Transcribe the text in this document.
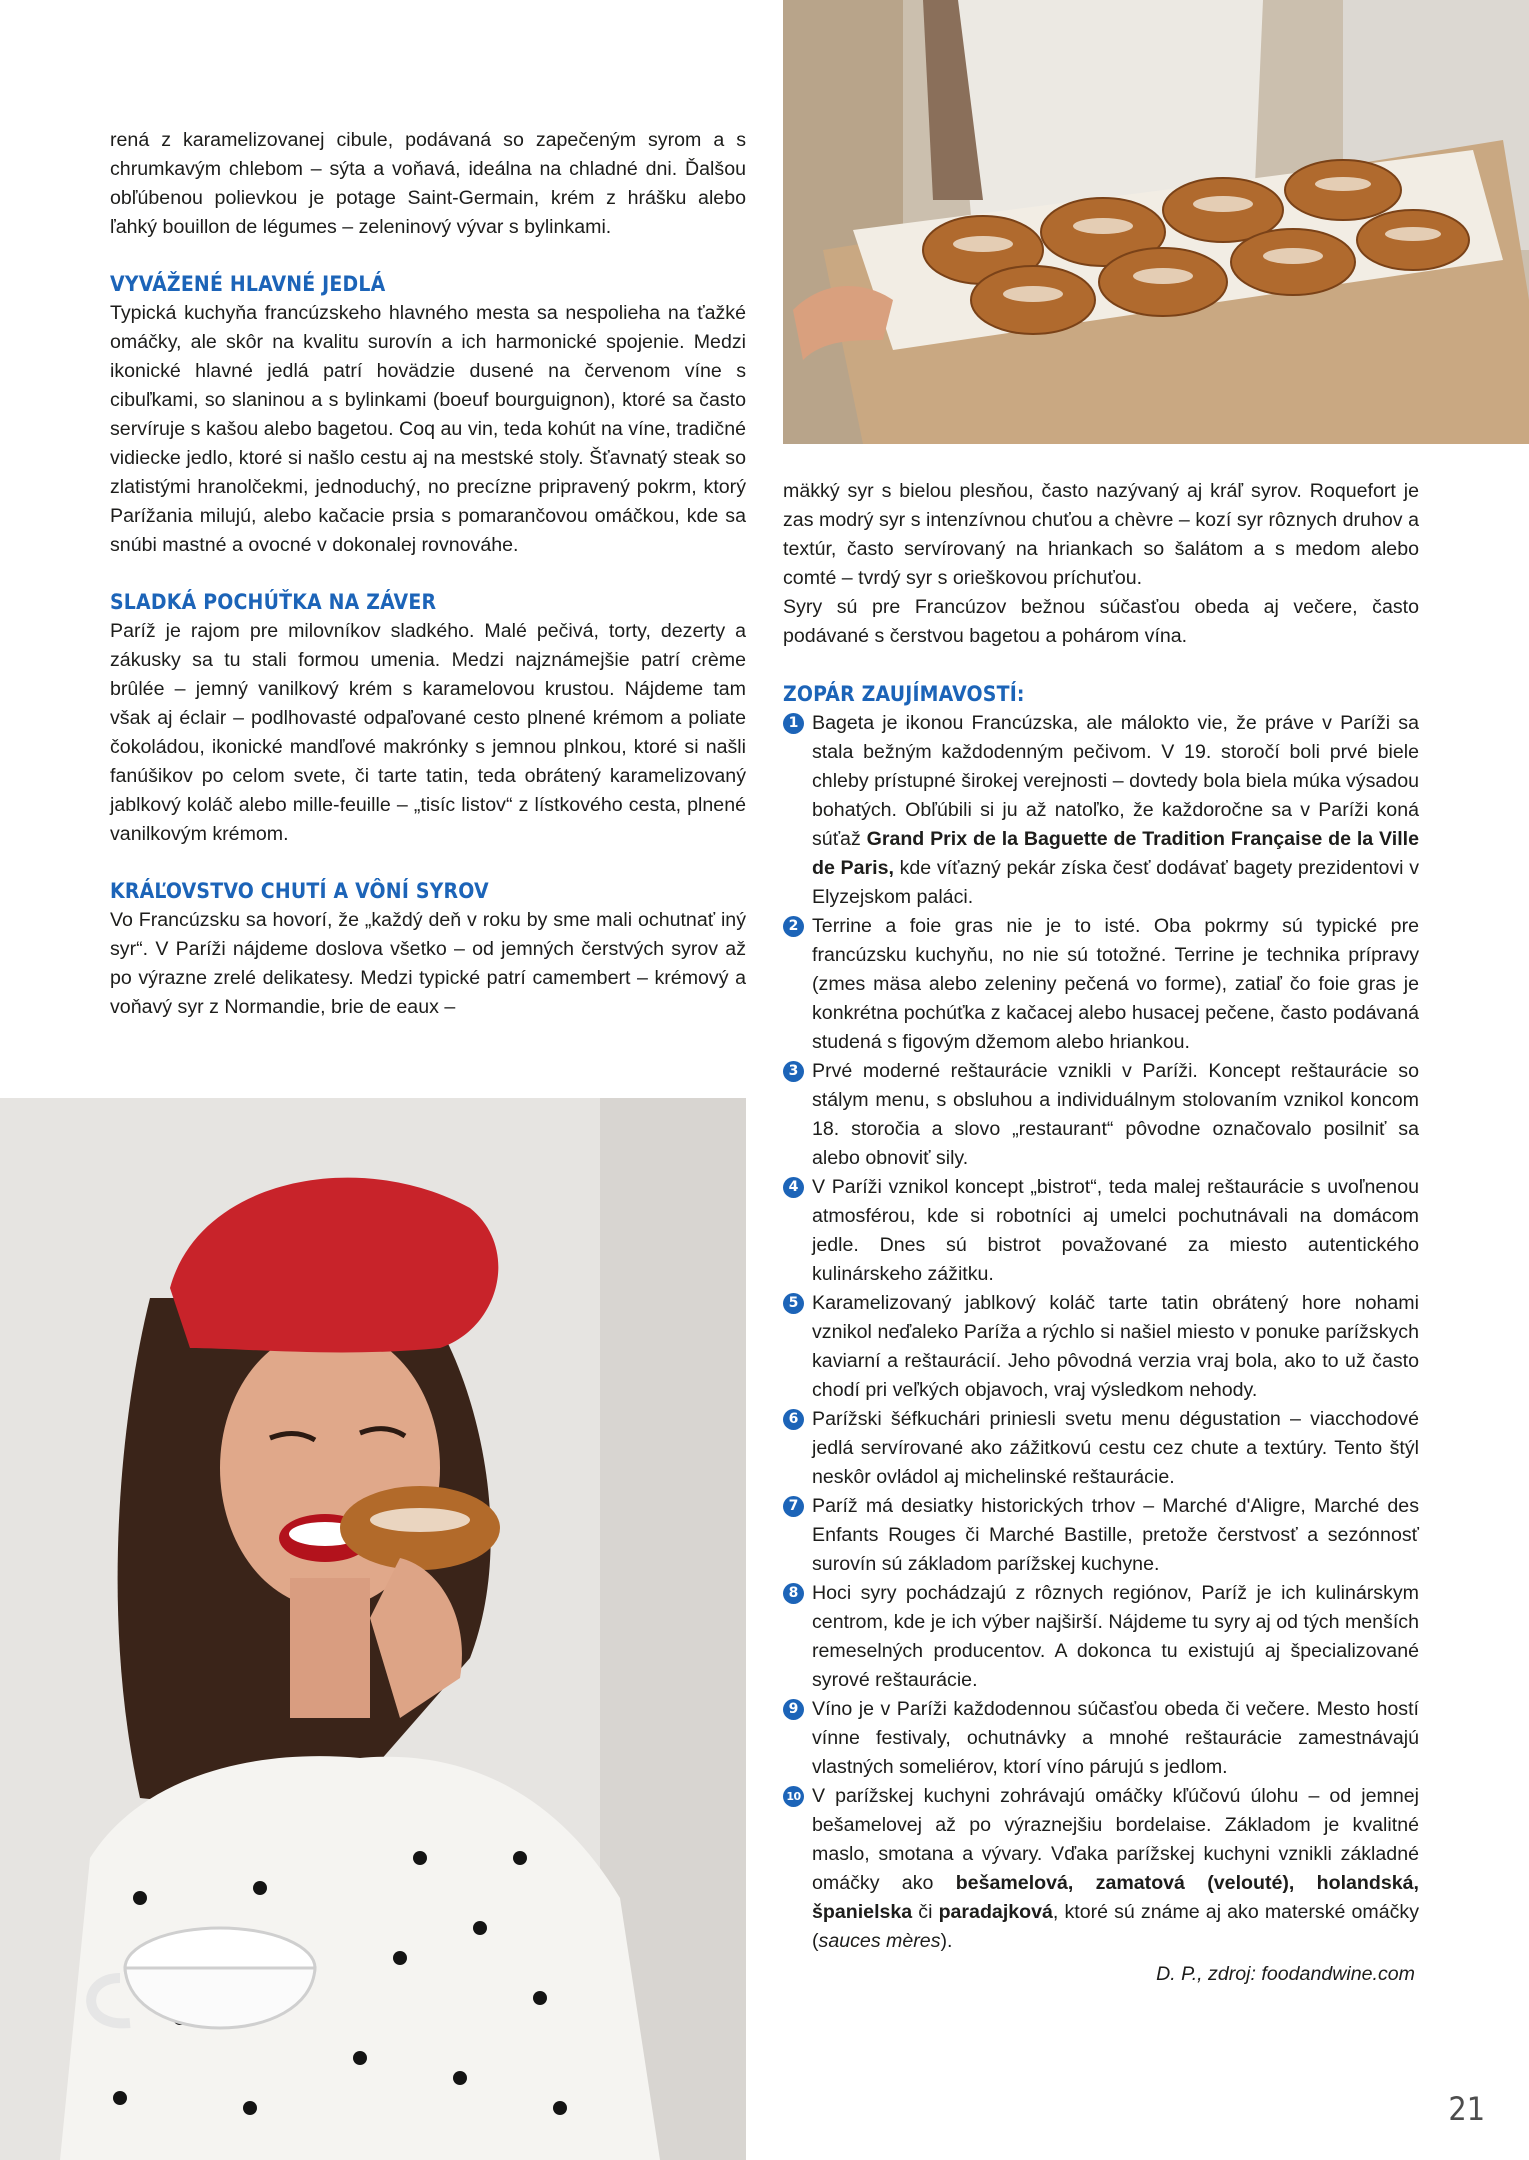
rená z karamelizovanej cibule, podávaná so zapečeným syrom a s chrumkavým chlebom – sýta a voňavá, ideálna na chladné dni. Ďalšou obľúbenou polievkou je potage Saint-Germain, krém z hrášku alebo ľahký bouillon de légumes – zeleninový vývar s bylinkami.

VYVÁŽENÉ HLAVNÉ JEDLÁ

Typická kuchyňa francúzskeho hlavného mesta sa nespolieha na ťažké omáčky, ale skôr na kvalitu surovín a ich harmonické spojenie. Medzi ikonické hlavné jedlá patrí hovädzie dusené na červenom víne s cibuľkami, so slaninou a s bylinkami (boeuf bourguignon), ktoré sa často servíruje s kašou alebo bagetou. Coq au vin, teda kohút na víne, tradičné vidiecke jedlo, ktoré si našlo cestu aj na mestské stoly. Šťavnatý steak so zlatistými hranolčekmi, jednoduchý, no precízne pripravený pokrm, ktorý Parížania milujú, alebo kačacie prsia s pomarančovou omáčkou, kde sa snúbi mastné a ovocné v dokonalej rovnováhe.

SLADKÁ POCHÚŤKA NA ZÁVER

Paríž je rajom pre milovníkov sladkého. Malé pečivá, torty, dezerty a zákusky sa tu stali formou umenia. Medzi najznámejšie patrí crème brûlée – jemný vanilkový krém s karamelovou krustou. Nájdeme tam však aj éclair – podlhovasté odpaľované cesto plnené krémom a poliate čokoládou, ikonické mandľové makrónky s jemnou plnkou, ktoré si našli fanúšikov po celom svete, či tarte tatin, teda obrátený karamelizovaný jablkový koláč alebo mille-feuille – „tisíc listov“ z lístkového cesta, plnené vanilkovým krémom.

KRÁĽOVSTVO CHUTÍ A VÔNÍ SYROV

Vo Francúzsku sa hovorí, že „každý deň v roku by sme mali ochutnať iný syr“. V Paríži nájdeme doslova všetko – od jemných čerstvých syrov až po výrazne zrelé delikatesy. Medzi typické patrí camembert – krémový a voňavý syr z Normandie, brie de eaux –

mäkký syr s bielou plesňou, často nazývaný aj kráľ syrov. Roquefort je zas modrý syr s intenzívnou chuťou a chèvre – kozí syr rôznych druhov a textúr, často servírovaný na hriankach so šalátom a s medom alebo comté – tvrdý syr s orieškovou príchuťou.

Syry sú pre Francúzov bežnou súčasťou obeda aj večere, často podávané s čerstvou bagetou a pohárom vína.

ZOPÁR ZAUJÍMAVOSTÍ:
1 Bageta je ikonou Francúzska, ale málokto vie, že práve v Paríži sa stala bežným každodenným pečivom. V 19. storočí boli prvé biele chleby prístupné širokej verejnosti – dovtedy bola biela múka výsadou bohatých. Obľúbili si ju až natoľko, že každoročne sa v Paríži koná súťaž Grand Prix de la Baguette de Tradition Française de la Ville de Paris, kde víťazný pekár získa česť dodávať bagety prezidentovi v Elyzejskom paláci.
2 Terrine a foie gras nie je to isté. Oba pokrmy sú typické pre francúzsku kuchyňu, no nie sú totožné. Terrine je technika prípravy (zmes mäsa alebo zeleniny pečená vo forme), zatiaľ čo foie gras je konkrétna pochúťka z kačacej alebo husacej pečene, často podávaná studená s figovým džemom alebo hriankou.
3 Prvé moderné reštaurácie vznikli v Paríži. Koncept reštaurácie so stálym menu, s obsluhou a individuálnym stolovaním vznikol koncom 18. storočia a slovo „restaurant“ pôvodne označovalo posilniť sa alebo obnoviť sily.
4 V Paríži vznikol koncept „bistrot“, teda malej reštaurácie s uvoľnenou atmosférou, kde si robotníci aj umelci pochutnávali na domácom jedle. Dnes sú bistrot považované za miesto autentického kulinárskeho zážitku.
5 Karamelizovaný jablkový koláč tarte tatin obrátený hore nohami vznikol neďaleko Paríža a rýchlo si našiel miesto v ponuke parížskych kaviarní a reštaurácií. Jeho pôvodná verzia vraj bola, ako to už často chodí pri veľkých objavoch, vraj výsledkom nehody.
6 Parížski šéfkuchári priniesli svetu menu dégustation – viacchodové jedlá servírované ako zážitkovú cestu cez chute a textúry. Tento štýl neskôr ovládol aj michelinské reštaurácie.
7 Paríž má desiatky historických trhov – Marché d'Aligre, Marché des Enfants Rouges či Marché Bastille, pretože čerstvosť a sezónnosť surovín sú základom parížskej kuchyne.
8 Hoci syry pochádzajú z rôznych regiónov, Paríž je ich kulinárskym centrom, kde je ich výber najširší. Nájdeme tu syry aj od tých menších remeselných producentov. A dokonca tu existujú aj špecializované syrové reštaurácie.
9 Víno je v Paríži každodennou súčasťou obeda či večere. Mesto hostí vínne festivaly, ochutnávky a mnohé reštaurácie zamestnávajú vlastných someliérov, ktorí víno párujú s jedlom.
10 V parížskej kuchyni zohrávajú omáčky kľúčovú úlohu – od jemnej bešamelovej až po výraznejšiu bordelaise. Základom je kvalitné maslo, smotana a vývary. Vďaka parížskej kuchyni vznikli základné omáčky ako bešamelová, zamatová (velouté), holandská, španielska či paradajková, ktoré sú známe aj ako materské omáčky (sauces mères).

D. P., zdroj: foodandwine.com

21
